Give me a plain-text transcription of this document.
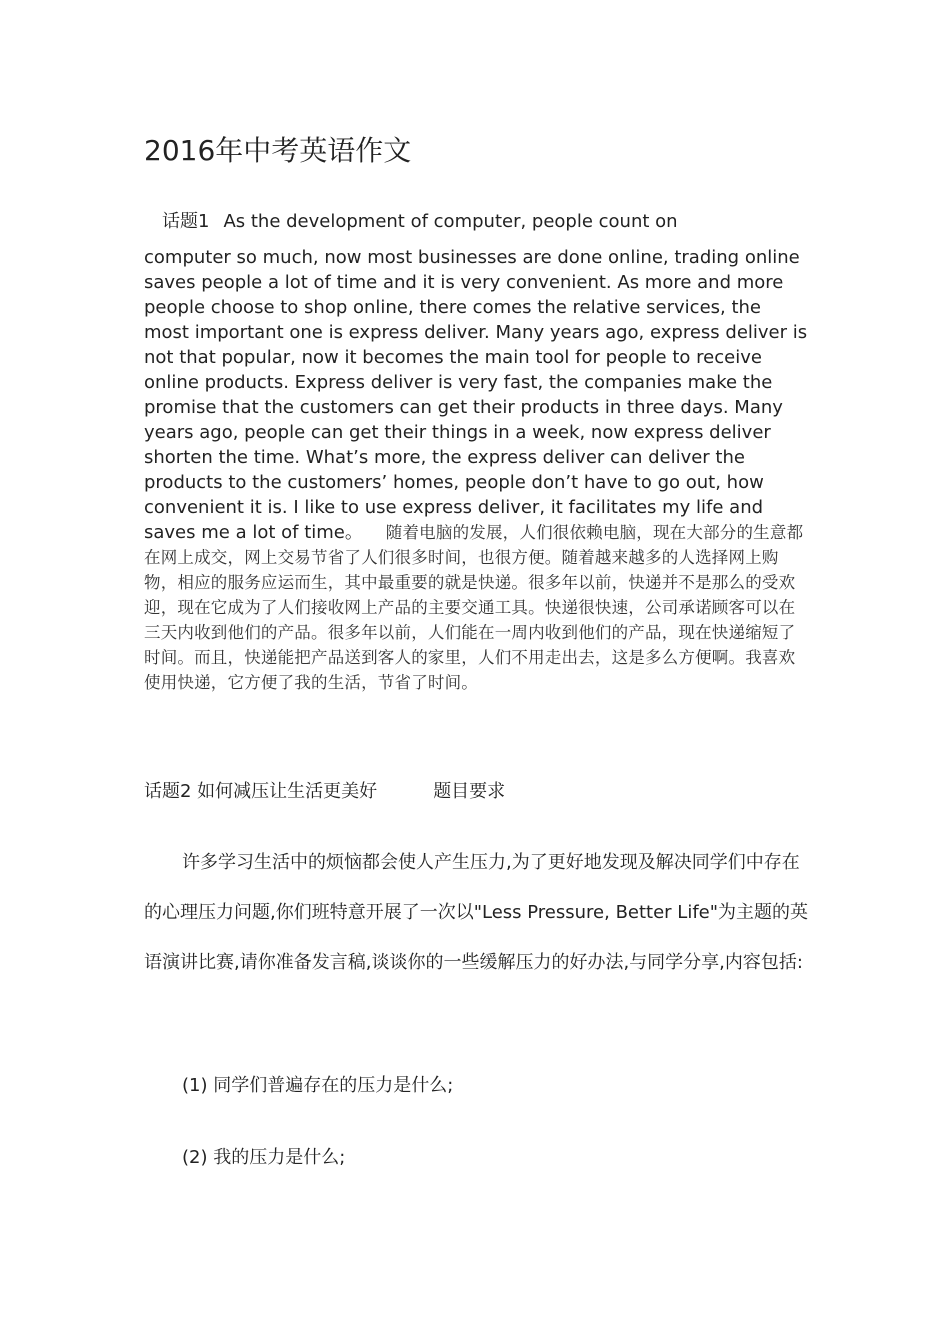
2016年中考英语作文
话题1 As the development of computer, people count on
computer so much, now most businesses are done online, trading online saves people a lot of time and it is very convenient. As more and more people choose to shop online, there comes the relative services, the most important one is express deliver. Many years ago, express deliver is not that popular, now it becomes the main tool for people to receive online products. Express deliver is very fast, the companies make the promise that the customers can get their products in three days. Many years ago, people can get their things in a week, now express deliver shorten the time. What’s more, the express deliver can deliver the products to the customers’ homes, people don’t have to go out, how convenient it is. I like to use express deliver, it facilitates my life and saves me a lot of time。 随着电脑的发展，人们很依赖电脑，现在大部分的生意都在网上成交，网上交易节省了人们很多时间，也很方便。随着越来越多的人选择网上购物，相应的服务应运而生，其中最重要的就是快递。很多年以前，快递并不是那么的受欢迎，现在它成为了人们接收网上产品的主要交通工具。快递很快速，公司承诺顾客可以在三天内收到他们的产品。很多年以前，人们能在一周内收到他们的产品，现在快递缩短了时间。而且，快递能把产品送到客人的家里，人们不用走出去，这是多么方便啊。我喜欢使用快递，它方便了我的生活，节省了时间。
话题2 如何减压让生活更美好	题目要求
许多学习生活中的烦恼都会使人产生压力,为了更好地发现及解决同学们中存在的心理压力问题,你们班特意开展了一次以"Less Pressure, Better Life"为主题的英语演讲比赛,请你准备发言稿,谈谈你的一些缓解压力的好办法,与同学分享,内容包括:
(1) 同学们普遍存在的压力是什么;
(2) 我的压力是什么;
